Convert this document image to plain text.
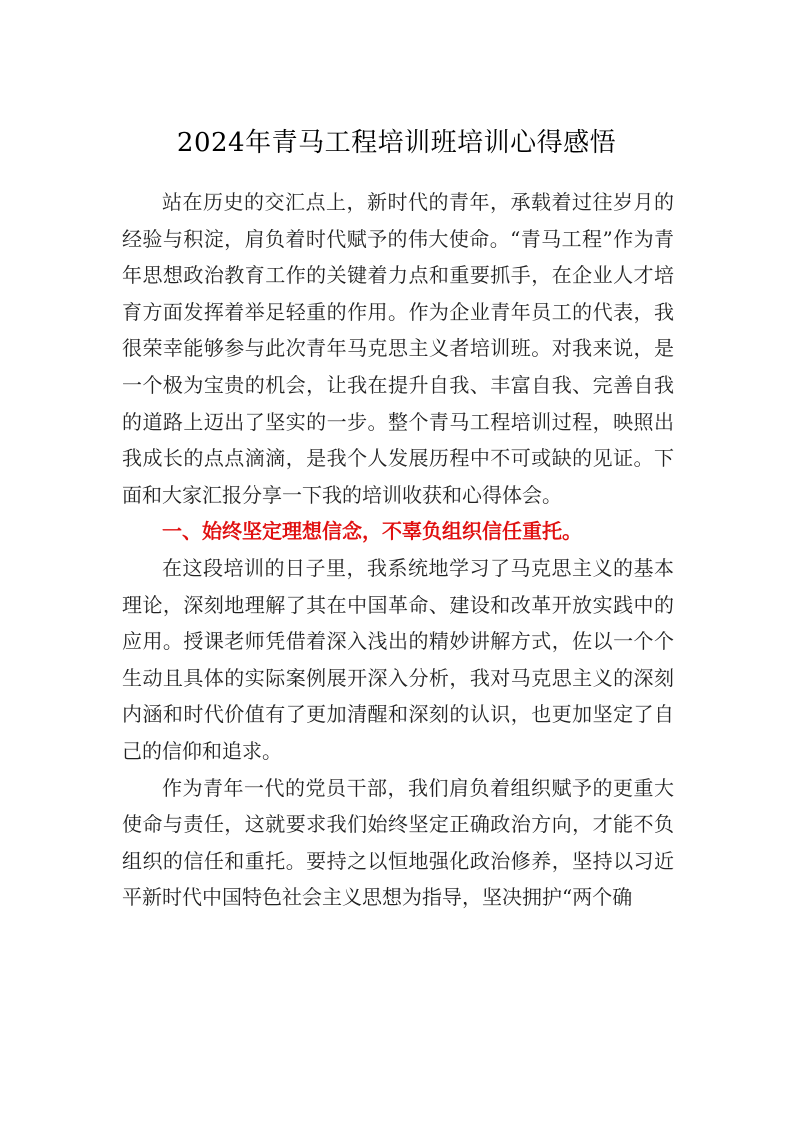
2024年青马工程培训班培训心得感悟

站在历史的交汇点上，新时代的青年，承载着过往岁月的经验与积淀，肩负着时代赋予的伟大使命。“青马工程”作为青年思想政治教育工作的关键着力点和重要抓手，在企业人才培育方面发挥着举足轻重的作用。作为企业青年员工的代表，我很荣幸能够参与此次青年马克思主义者培训班。对我来说，是一个极为宝贵的机会，让我在提升自我、丰富自我、完善自我的道路上迈出了坚实的一步。整个青马工程培训过程，映照出我成长的点点滴滴，是我个人发展历程中不可或缺的见证。下面和大家汇报分享一下我的培训收获和心得体会。

一、始终坚定理想信念，不辜负组织信任重托。

在这段培训的日子里，我系统地学习了马克思主义的基本理论，深刻地理解了其在中国革命、建设和改革开放实践中的应用。授课老师凭借着深入浅出的精妙讲解方式，佐以一个个生动且具体的实际案例展开深入分析，我对马克思主义的深刻内涵和时代价值有了更加清醒和深刻的认识，也更加坚定了自己的信仰和追求。

作为青年一代的党员干部，我们肩负着组织赋予的更重大使命与责任，这就要求我们始终坚定正确政治方向，才能不负组织的信任和重托。要持之以恒地强化政治修养，坚持以习近平新时代中国特色社会主义思想为指导，坚决拥护“两个确
